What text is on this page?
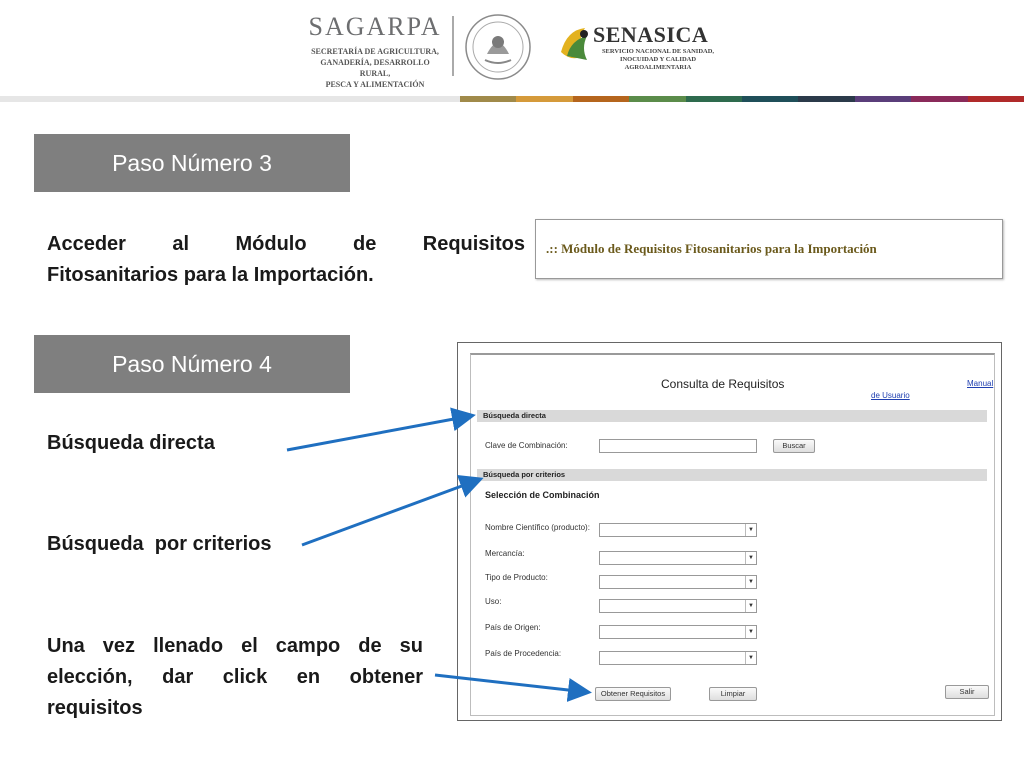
SAGARPA
SECRETARÍA DE AGRICULTURA,
GANADERÍA, DESARROLLO RURAL,
PESCA Y ALIMENTACIÓN
SENASICA
SERVICIO NACIONAL DE SANIDAD,
INOCUIDAD Y CALIDAD
AGROALIMENTARIA
Paso Número 3
Acceder al Módulo de Requisitos
Fitosanitarios para la Importación.
.:: Módulo de Requisitos Fitosanitarios para la Importación
Paso Número 4
Búsqueda directa
Búsqueda  por criterios
Una vez llenado el campo de su
elección, dar click en obtener
requisitos
Consulta de Requisitos	Manual
de Usuario
Búsqueda directa
Clave de Combinación:	Buscar
Búsqueda por criterios
Selección de Combinación
Nombre Científico (producto):	▼
Mercancía:	▼
Tipo de Producto:	▼
Uso:	▼
País de Origen:	▼
País de Procedencia:	▼
Obtener Requisitos	Limpiar	Salir
